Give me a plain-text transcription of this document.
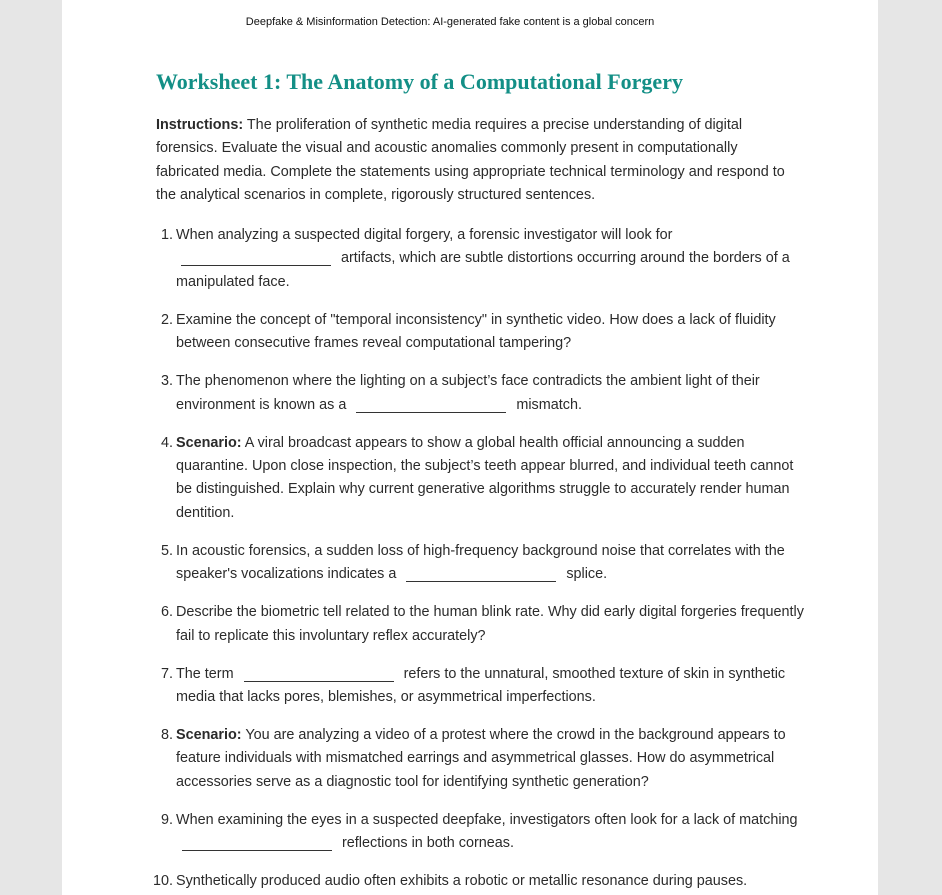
Deepfake & Misinformation Detection: AI-generated fake content is a global concern
Worksheet 1: The Anatomy of a Computational Forgery

Instructions: The proliferation of synthetic media requires a precise understanding of digital forensics. Evaluate the visual and acoustic anomalies commonly present in computationally fabricated media. Complete the statements using appropriate technical terminology and respond to the analytical scenarios in complete, rigorously structured sentences.

1. When analyzing a suspected digital forgery, a forensic investigator will look for
artifacts, which are subtle distortions occurring around the borders of a manipulated face.
2. Examine the concept of "temporal inconsistency" in synthetic video. How does a lack of fluidity between consecutive frames reveal computational tampering?
3. The phenomenon where the lighting on a subject’s face contradicts the ambient light of their environment is known as a	mismatch.
4. Scenario: A viral broadcast appears to show a global health official announcing a sudden quarantine. Upon close inspection, the subject’s teeth appear blurred, and individual teeth cannot be distinguished. Explain why current generative algorithms struggle to accurately render human dentition.
5. In acoustic forensics, a sudden loss of high-frequency background noise that correlates with the speaker's vocalizations indicates a	splice.
6. Describe the biometric tell related to the human blink rate. Why did early digital forgeries frequently fail to replicate this involuntary reflex accurately?
7. The term	refers to the unnatural, smoothed texture of skin in synthetic media that lacks pores, blemishes, or asymmetrical imperfections.
8. Scenario: You are analyzing a video of a protest where the crowd in the background appears to feature individuals with mismatched earrings and asymmetrical glasses. How do asymmetrical accessories serve as a diagnostic tool for identifying synthetic generation?
9. When examining the eyes in a suspected deepfake, investigators often look for a lack of matching  reflections in both corneas.
10. Synthetically produced audio often exhibits a robotic or metallic resonance during pauses.
